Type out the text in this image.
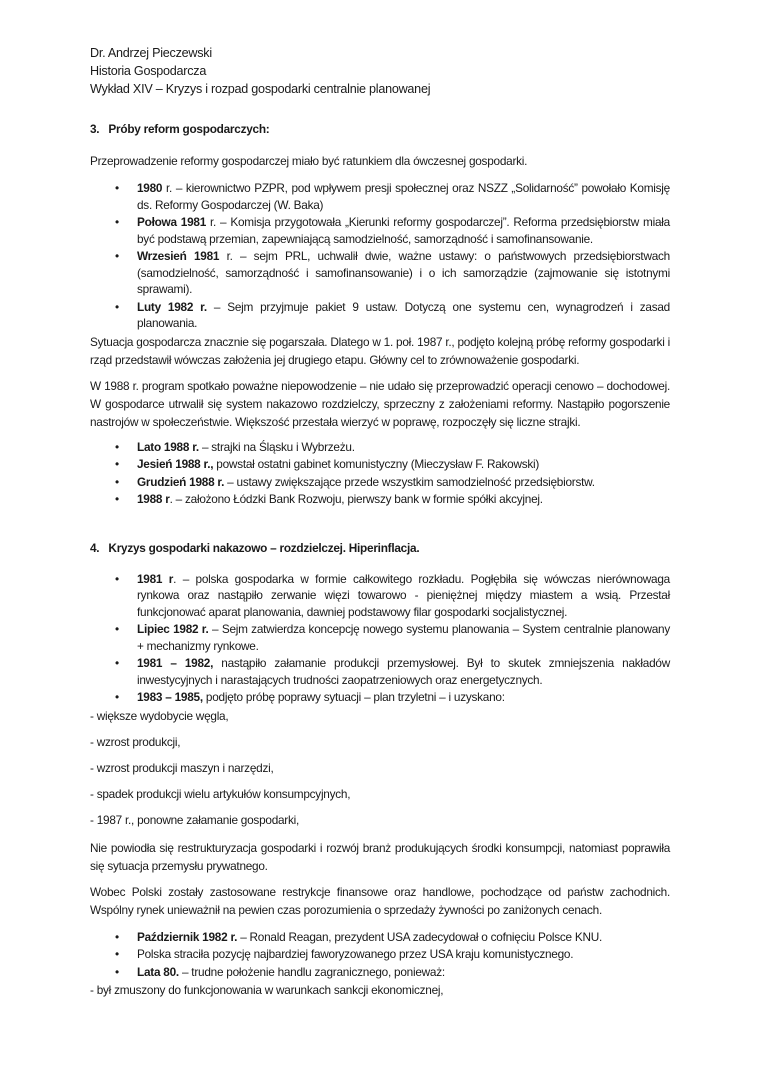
Dr. Andrzej Pieczewski
Historia Gospodarcza
Wykład XIV – Kryzys i rozpad gospodarki centralnie planowanej
3.   Próby reform gospodarczych:

Przeprowadzenie reformy gospodarczej miało być ratunkiem dla ówczesnej gospodarki.

• 1980 r. – kierownictwo PZPR, pod wpływem presji społecznej oraz NSZZ „Solidarność” powołało Komisję ds. Reformy Gospodarczej (W. Baka)
• Połowa 1981 r. – Komisja przygotowała „Kierunki reformy gospodarczej”. Reforma przedsiębiorstw miała być podstawą przemian, zapewniającą samodzielność, samorządność i samofinansowanie.
• Wrzesień 1981 r. – sejm PRL, uchwalił dwie, ważne ustawy: o państwowych przedsiębiorstwach (samodzielność, samorządność i samofinansowanie) i o ich samorządzie (zajmowanie się istotnymi sprawami).
• Luty 1982 r. – Sejm przyjmuje pakiet 9 ustaw. Dotyczą one systemu cen, wynagrodzeń i zasad planowania.

Sytuacja gospodarcza znacznie się pogarszała. Dlatego w 1. poł. 1987 r., podjęto kolejną próbę reformy gospodarki i rząd przedstawił wówczas założenia jej drugiego etapu. Główny cel to zrównoważenie gospodarki.

W 1988 r. program spotkało poważne niepowodzenie – nie udało się przeprowadzić operacji cenowo – dochodowej. W gospodarce utrwalił się system nakazowo rozdzielczy, sprzeczny z założeniami reformy. Nastąpiło pogorszenie nastrojów w społeczeństwie. Większość przestała wierzyć w poprawę, rozpoczęły się liczne strajki.

• Lato 1988 r. – strajki na Śląsku i Wybrzeżu.
• Jesień 1988 r., powstał ostatni gabinet komunistyczny (Mieczysław F. Rakowski)
• Grudzień 1988 r. – ustawy zwiększające przede wszystkim samodzielność przedsiębiorstw.
• 1988 r. – założono Łódzki Bank Rozwoju, pierwszy bank w formie spółki akcyjnej.
4.   Kryzys gospodarki nakazowo – rozdzielczej. Hiperinflacja.
• 1981 r. – polska gospodarka w formie całkowitego rozkładu. Pogłębiła się wówczas nierównowaga rynkowa oraz nastąpiło zerwanie więzi towarowo - pieniężnej między miastem a wsią. Przestał funkcjonować aparat planowania, dawniej podstawowy filar gospodarki socjalistycznej.
• Lipiec 1982 r. – Sejm zatwierdza koncepcję nowego systemu planowania – System centralnie planowany + mechanizmy rynkowe.
• 1981 – 1982, nastąpiło załamanie produkcji przemysłowej. Był to skutek zmniejszenia nakładów inwestycyjnych i narastających trudności zaopatrzeniowych oraz energetycznych.
• 1983 – 1985, podjęto próbę poprawy sytuacji – plan trzyletni – i uzyskano:
- większe wydobycie węgla,
- wzrost produkcji,
- wzrost produkcji maszyn i narzędzi,
- spadek produkcji wielu artykułów konsumpcyjnych,
- 1987 r., ponowne załamanie gospodarki,

Nie powiodła się restrukturyzacja gospodarki i rozwój branż produkujących środki konsumpcji, natomiast poprawiła się sytuacja przemysłu prywatnego.

Wobec Polski zostały zastosowane restrykcje finansowe oraz handlowe, pochodzące od państw zachodnich. Wspólny rynek unieważnił na pewien czas porozumienia o sprzedaży żywności po zaniżonych cenach.

• Październik 1982 r. – Ronald Reagan, prezydent USA zadecydował o cofnięciu Polsce KNU.
• Polska straciła pozycję najbardziej faworyzowanego przez USA kraju komunistycznego.
• Lata 80. – trudne położenie handlu zagranicznego, ponieważ:
- był zmuszony do funkcjonowania w warunkach sankcji ekonomicznej,
